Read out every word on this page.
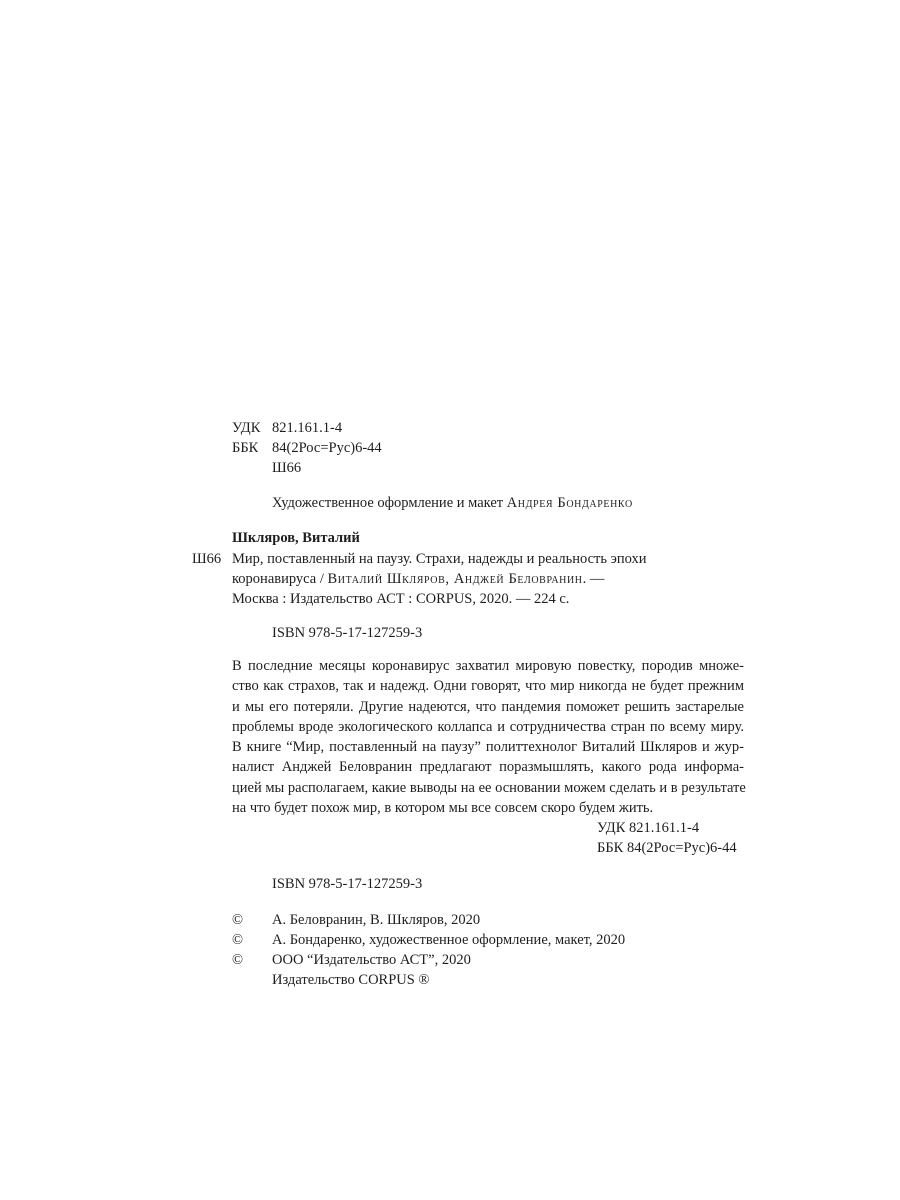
УДК 821.161.1-4
ББК 84(2Рос=Рус)6-44
Ш66
Художественное оформление и макет Андрея Бондаренко
Шкляров, Виталий
Ш66 Мир, поставленный на паузу. Страхи, надежды и реальность эпохи
коронавируса / Виталий Шкляров, Анджей Беловранин. —
Москва : Издательство АСТ : CORPUS, 2020. — 224 с.
ISBN 978-5-17-127259-3
В последние месяцы коронавирус захватил мировую повестку, породив множе-
ство как страхов, так и надежд. Одни говорят, что мир никогда не будет прежним
и мы его потеряли. Другие надеются, что пандемия поможет решить застарелые
проблемы вроде экологического коллапса и сотрудничества стран по всему миру.
В книге “Мир, поставленный на паузу” политтехнолог Виталий Шкляров и жур-
налист Анджей Беловранин предлагают поразмышлять, какого рода информа-
цией мы располагаем, какие выводы на ее основании можем сделать и в результате
на что будет похож мир, в котором мы все совсем скоро будем жить.
УДК 821.161.1-4
ББК 84(2Рос=Рус)6-44
ISBN 978-5-17-127259-3
© А. Беловранин, В. Шкляров, 2020
© А. Бондаренко, художественное оформление, макет, 2020
© ООО “Издательство АСТ”, 2020
Издательство CORPUS ®
